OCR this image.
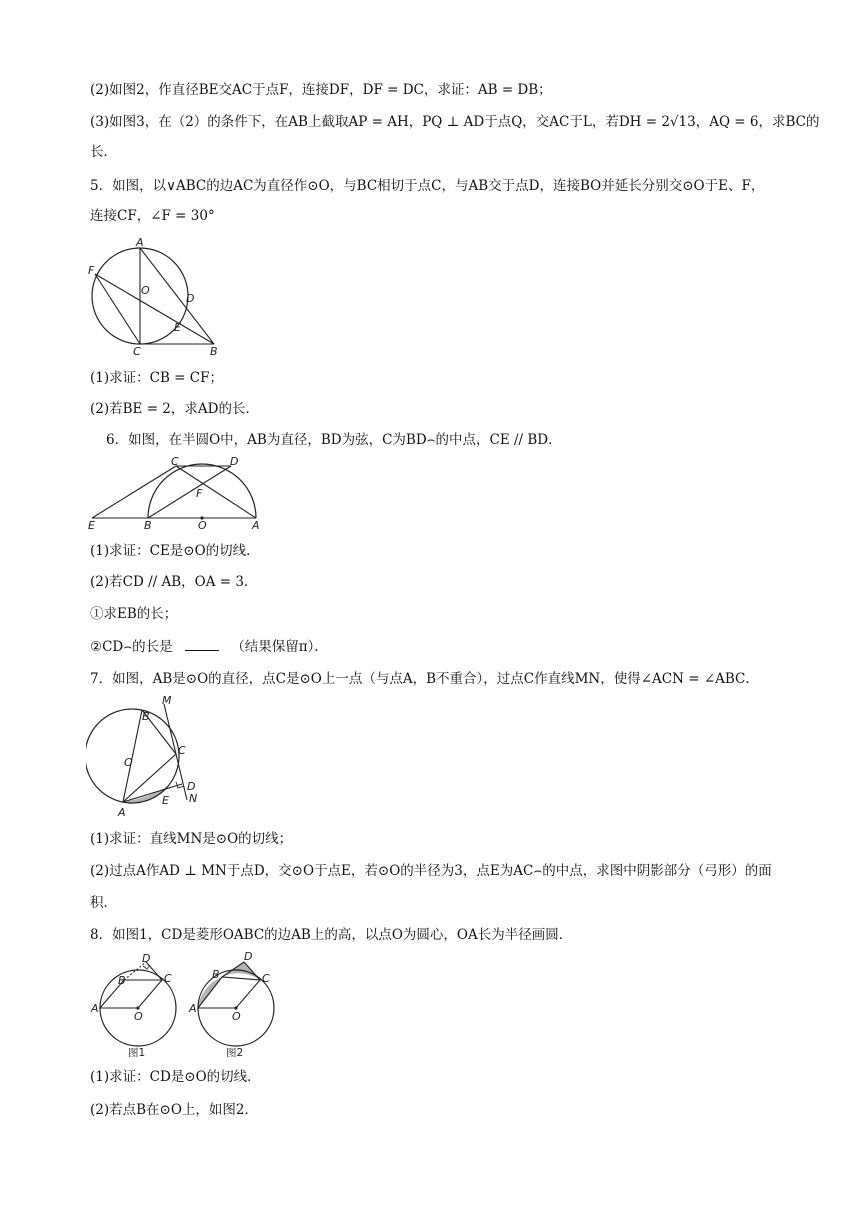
(2)如图2，作直径BE交AC于点F，连接DF，DF = DC，求证：AB = DB；
(3)如图3，在（2）的条件下，在AB上截取AP = AH，PQ ⊥ AD于点Q，交AC于L，若DH = 2√13，AQ = 6，求BC的
长．
5．如图，以∨ABC的边AC为直径作⊙O，与BC相切于点C，与AB交于点D，连接BO并延长分别交⊙O于E、F，
连接CF，∠F = 30°
A
F
O
D
E
C	B
(1)求证：CB = CF；
(2)若BE = 2，求AD的长．
6．如图，在半圆O中，AB为直径，BD为弦，C为BD⌢的中点，CE // BD．
C	D
F
E	B	O	A
(1)求证：CE是⊙O的切线．
(2)若CD // AB，OA = 3．
①求EB的长；
②CD⌢的长是	（结果保留π）．
7．如图，AB是⊙O的直径，点C是⊙O上一点（与点A，B不重合），过点C作直线MN，使得∠ACN = ∠ABC．
M
B
O
C
D
N
A
E
(1)求证：直线MN是⊙O的切线；
(2)过点A作AD ⊥ MN于点D，交⊙O于点E，若⊙O的半径为3，点E为AC⌢的中点，求图中阴影部分（弓形）的面
积．
8．如图1，CD是菱形OABC的边AB上的高，以点O为圆心，OA长为半径画圆．
D
B	C
A
O
图1
D
B	C
A
O
图2
(1)求证：CD是⊙O的切线．
(2)若点B在⊙O上，如图2．
